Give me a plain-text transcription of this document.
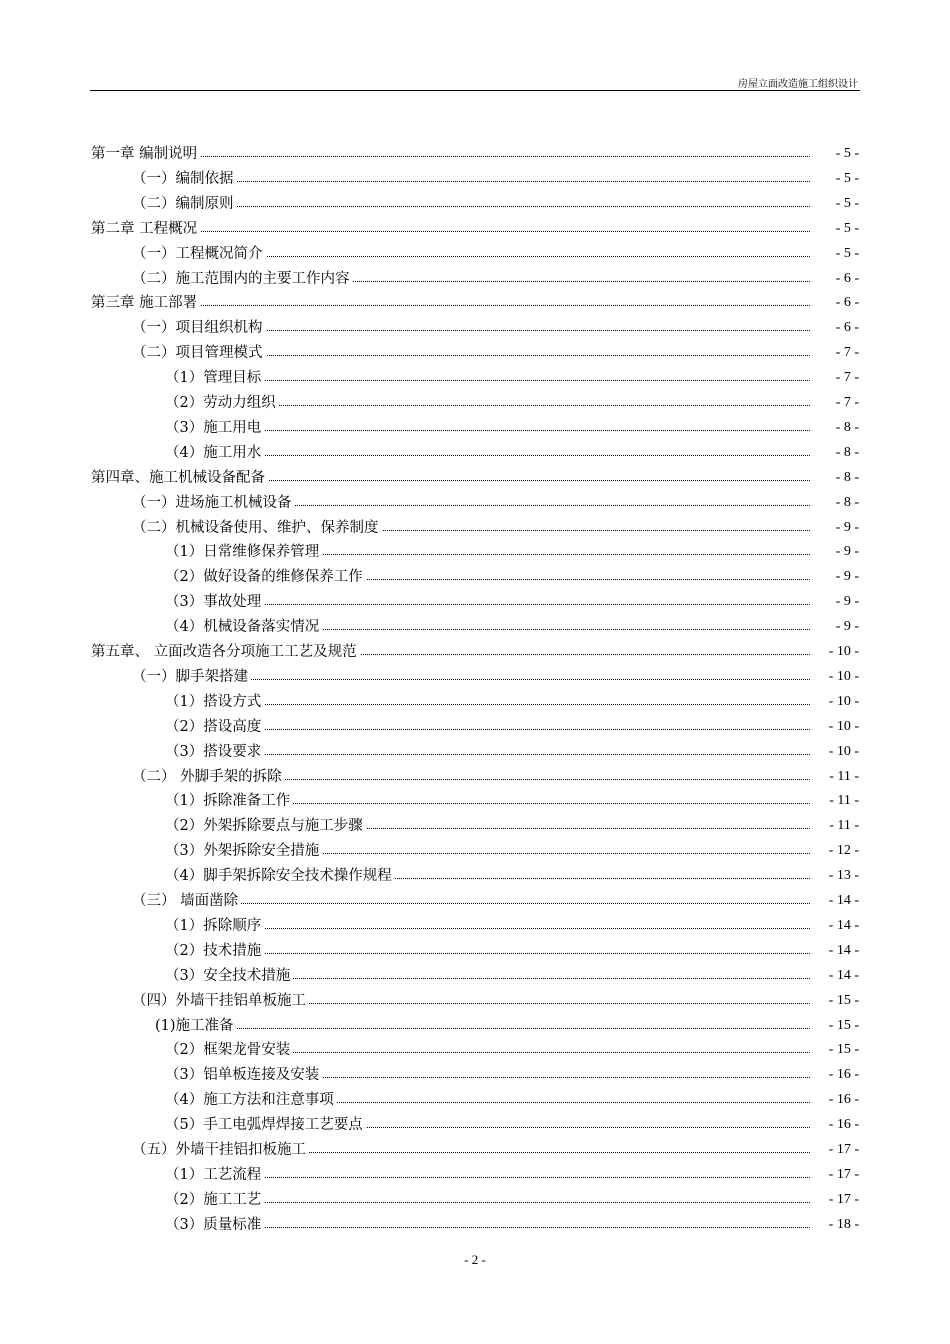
房屋立面改造施工组织设计
第一章 编制说明	- 5 -
（一）编制依据	- 5 -
（二）编制原则	- 5 -
第二章 工程概况	- 5 -
（一）工程概况简介	- 5 -
（二）施工范围内的主要工作内容	- 6 -
第三章 施工部署	- 6 -
（一）项目组织机构	- 6 -
（二）项目管理模式	- 7 -
（1）管理目标	- 7 -
（2）劳动力组织	- 7 -
（3）施工用电	- 8 -
（4）施工用水	- 8 -
第四章、施工机械设备配备	- 8 -
（一）进场施工机械设备	- 8 -
（二）机械设备使用、维护、保养制度	- 9 -
（1）日常维修保养管理	- 9 -
（2）做好设备的维修保养工作	- 9 -
（3）事故处理	- 9 -
（4）机械设备落实情况	- 9 -
第五章、 立面改造各分项施工工艺及规范	- 10 -
（一）脚手架搭建	- 10 -
（1）搭设方式	- 10 -
（2）搭设高度	- 10 -
（3）搭设要求	- 10 -
（二） 外脚手架的拆除	- 11 -
（1）拆除准备工作	- 11 -
（2）外架拆除要点与施工步骤	- 11 -
（3）外架拆除安全措施	- 12 -
（4）脚手架拆除安全技术操作规程	- 13 -
（三） 墙面凿除	- 14 -
（1）拆除顺序	- 14 -
（2）技术措施	- 14 -
（3）安全技术措施	- 14 -
（四）外墙干挂铝单板施工	- 15 -
(1)施工准备	- 15 -
（2）框架龙骨安装	- 15 -
（3）铝单板连接及安装	- 16 -
（4）施工方法和注意事项	- 16 -
（5）手工电弧焊焊接工艺要点	- 16 -
（五）外墙干挂铝扣板施工	- 17 -
（1）工艺流程	- 17 -
（2）施工工艺	- 17 -
（3）质量标准	- 18 -
- 2 -
